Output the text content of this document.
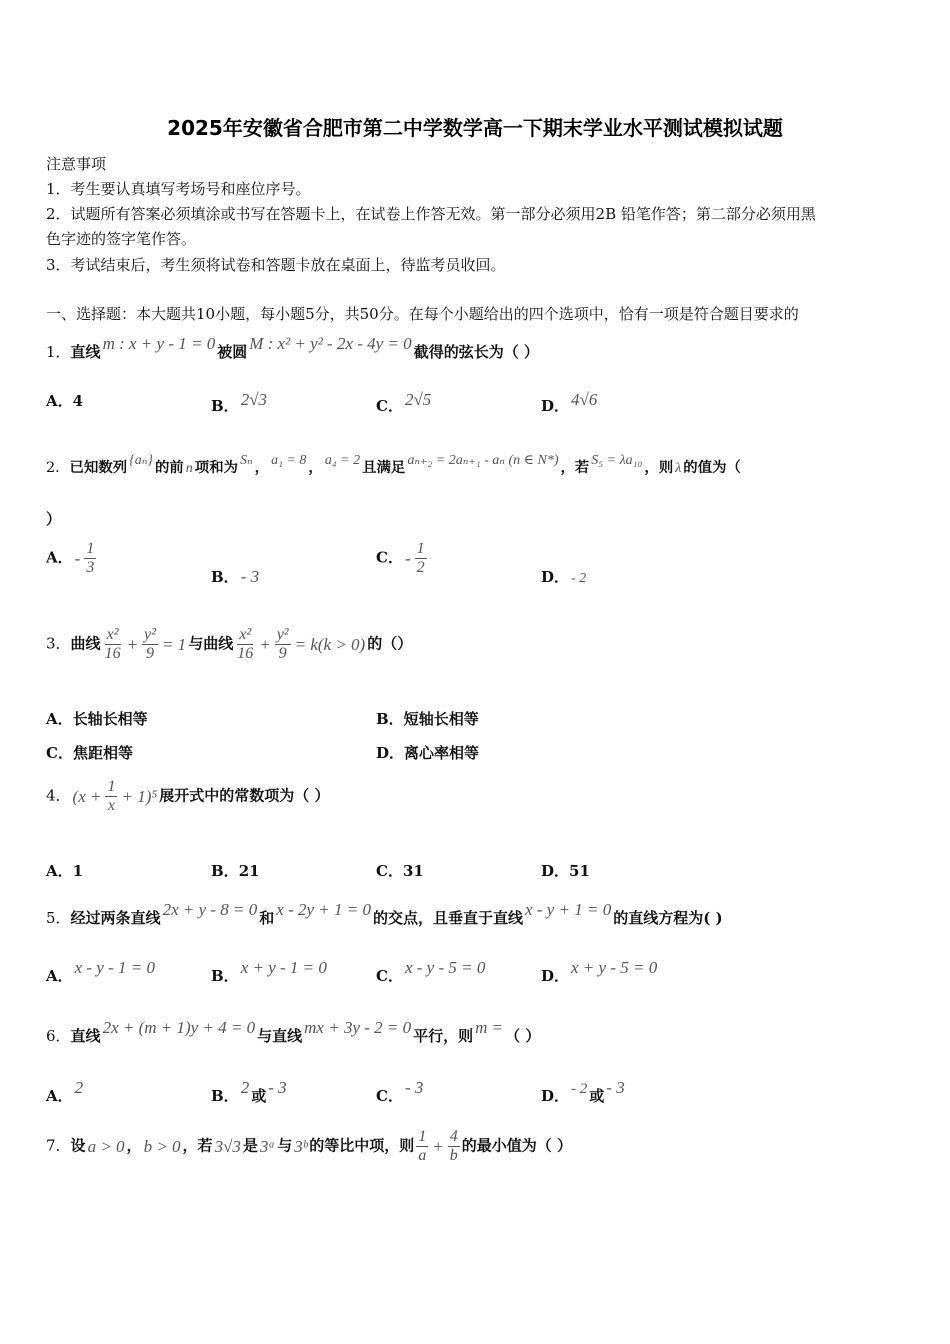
2025年安徽省合肥市第二中学数学高一下期末学业水平测试模拟试题
注意事项
1．考生要认真填写考场号和座位序号。
2．试题所有答案必须填涂或书写在答题卡上，在试卷上作答无效。第一部分必须用2B 铅笔作答；第二部分必须用黑
色字迹的签字笔作答。
3．考试结束后，考生须将试卷和答题卡放在桌面上，待监考员收回。
一、选择题：本大题共10小题，每小题5分，共50分。在每个小题给出的四个选项中，恰有一项是符合题目要求的
1．直线 m : x + y - 1 = 0 被圆 M : x² + y² - 2x - 4y = 0 截得的弦长为（ ）
A．4	B． 2√3	C． 2√5	D． 4√6
2．已知数列 {aₙ} 的前 n 项和为 Sₙ ， a₁ = 8 ， a₄ = 2 且满足 aₙ₊₂ = 2aₙ₊₁ - aₙ (n ∈ N*) ，若 S₅ = λa₁₀ ，则 λ 的值为（
）
A． - $\frac{1}{3}$	B． - 3
C． - $\frac{1}{2}$	D． - 2
3．曲线 $\frac{\text{x²}}{16} + \frac{\text{y²}}{9} = 1$ 与曲线 $\frac{\text{x²}}{16} + \frac{\text{y²}}{9} = k(k > 0)$ 的（）
A．长轴长相等	B．短轴长相等
C．焦距相等	D．离心率相等
4． $(x + \frac{1}{x} + 1)^5$ 展开式中的常数项为（ ）
A．1	B．21	C．31	D．51
5．经过两条直线 2x + y - 8 = 0 和 x - 2y + 1 = 0 的交点，且垂直于直线 x - y + 1 = 0 的直线方程为( )
A． x - y - 1 = 0	B． x + y - 1 = 0	C． x - y - 5 = 0	D． x + y - 5 = 0
6．直线 2x + (m + 1)y + 4 = 0 与直线 mx + 3y - 2 = 0 平行，则 m = （ ）
A． 2	B． 2 或 - 3	C． - 3	D． - 2 或 - 3
7．设 a > 0 ， b > 0 ，若 3√3 是 3ᵃ 与 3ᵇ 的等比中项，则 $\frac{1}{a} + \frac{4}{b}$ 的最小值为（ ）
